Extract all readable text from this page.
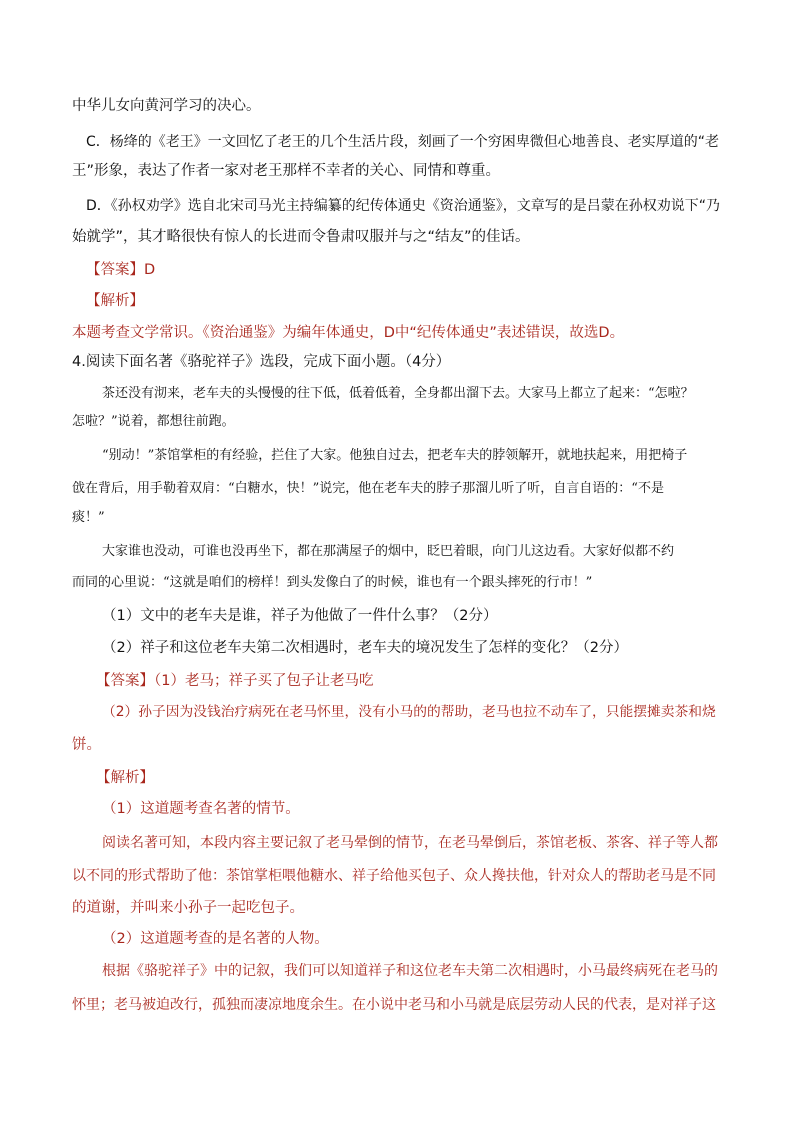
中华儿女向黄河学习的决心。
C．杨绛的《老王》一文回忆了老王的几个生活片段，刻画了一个穷困卑微但心地善良、老实厚道的“老
王”形象，表达了作者一家对老王那样不幸者的关心、同情和尊重。
D．《孙权劝学》选自北宋司马光主持编纂的纪传体通史《资治通鉴》，文章写的是吕蒙在孙权劝说下“乃
始就学”，其才略很快有惊人的长进而令鲁肃叹服并与之“结友”的佳话。
【答案】D
【解析】
本题考查文学常识。《资治通鉴》为编年体通史，D中“纪传体通史”表述错误，故选D。
4.阅读下面名著《骆驼祥子》选段，完成下面小题。（4分）
茶还没有沏来，老车夫的头慢慢的往下低，低着低着，全身都出溜下去。大家马上都立了起来：“怎啦？
怎啦？”说着，都想往前跑。
“别动！”茶馆掌柜的有经验，拦住了大家。他独自过去，把老车夫的脖领解开，就地扶起来，用把椅子
戗在背后，用手勒着双肩：“白糖水，快！”说完，他在老车夫的脖子那溜儿听了听，自言自语的：“不是
痰！”
大家谁也没动，可谁也没再坐下，都在那满屋子的烟中，眨巴着眼，向门儿这边看。大家好似都不约
而同的心里说：“这就是咱们的榜样！到头发像白了的时候，谁也有一个跟头摔死的行市！”
（1）文中的老车夫是谁，祥子为他做了一件什么事？（2分）
（2）祥子和这位老车夫第二次相遇时，老车夫的境况发生了怎样的变化？（2分）
【答案】（1）老马；祥子买了包子让老马吃
（2）孙子因为没钱治疗病死在老马怀里，没有小马的的帮助，老马也拉不动车了，只能摆摊卖茶和烧
饼。
【解析】
（1）这道题考查名著的情节。
阅读名著可知，本段内容主要记叙了老马晕倒的情节，在老马晕倒后，茶馆老板、茶客、祥子等人都
以不同的形式帮助了他：茶馆掌柜喂他糖水、祥子给他买包子、众人搀扶他，针对众人的帮助老马是不同
的道谢，并叫来小孙子一起吃包子。
（2）这道题考查的是名著的人物。
根据《骆驼祥子》中的记叙，我们可以知道祥子和这位老车夫第二次相遇时，小马最终病死在老马的
怀里；老马被迫改行，孤独而凄凉地度余生。在小说中老马和小马就是底层劳动人民的代表，是对祥子这
